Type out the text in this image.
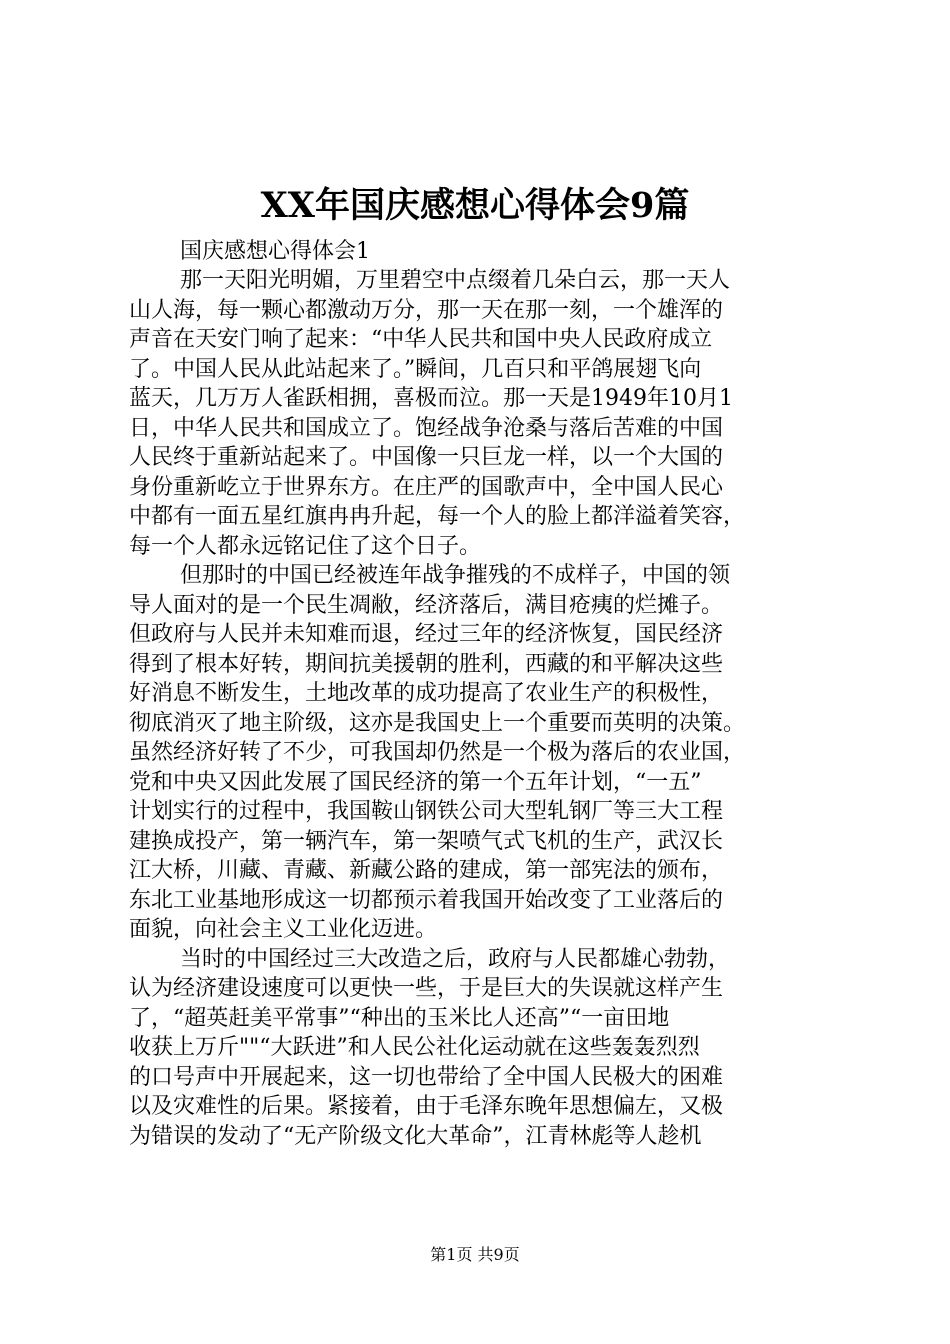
XX年国庆感想心得体会9篇
国庆感想心得体会1
那一天阳光明媚，万里碧空中点缀着几朵白云，那一天人
山人海，每一颗心都激动万分，那一天在那一刻，一个雄浑的
声音在天安门响了起来：“中华人民共和国中央人民政府成立
了。中国人民从此站起来了。”瞬间，几百只和平鸽展翅飞向
蓝天，几万万人雀跃相拥，喜极而泣。那一天是1949年10月1
日，中华人民共和国成立了。饱经战争沧桑与落后苦难的中国
人民终于重新站起来了。中国像一只巨龙一样，以一个大国的
身份重新屹立于世界东方。在庄严的国歌声中，全中国人民心
中都有一面五星红旗冉冉升起，每一个人的脸上都洋溢着笑容，
每一个人都永远铭记住了这个日子。
但那时的中国已经被连年战争摧残的不成样子，中国的领
导人面对的是一个民生凋敝，经济落后，满目疮痍的烂摊子。
但政府与人民并未知难而退，经过三年的经济恢复，国民经济
得到了根本好转，期间抗美援朝的胜利，西藏的和平解决这些
好消息不断发生，土地改革的成功提高了农业生产的积极性，
彻底消灭了地主阶级，这亦是我国史上一个重要而英明的决策。
虽然经济好转了不少，可我国却仍然是一个极为落后的农业国，
党和中央又因此发展了国民经济的第一个五年计划，“一五”
计划实行的过程中，我国鞍山钢铁公司大型轧钢厂等三大工程
建换成投产，第一辆汽车，第一架喷气式飞机的生产，武汉长
江大桥，川藏、青藏、新藏公路的建成，第一部宪法的颁布，
东北工业基地形成这一切都预示着我国开始改变了工业落后的
面貌，向社会主义工业化迈进。
当时的中国经过三大改造之后，政府与人民都雄心勃勃，
认为经济建设速度可以更快一些，于是巨大的失误就这样产生
了，“超英赶美平常事”“种出的玉米比人还高”“一亩田地
收获上万斤""“大跃进”和人民公社化运动就在这些轰轰烈烈
的口号声中开展起来，这一切也带给了全中国人民极大的困难
以及灾难性的后果。紧接着，由于毛泽东晚年思想偏左，又极
为错误的发动了“无产阶级文化大革命”，江青林彪等人趁机
第1页 共9页
